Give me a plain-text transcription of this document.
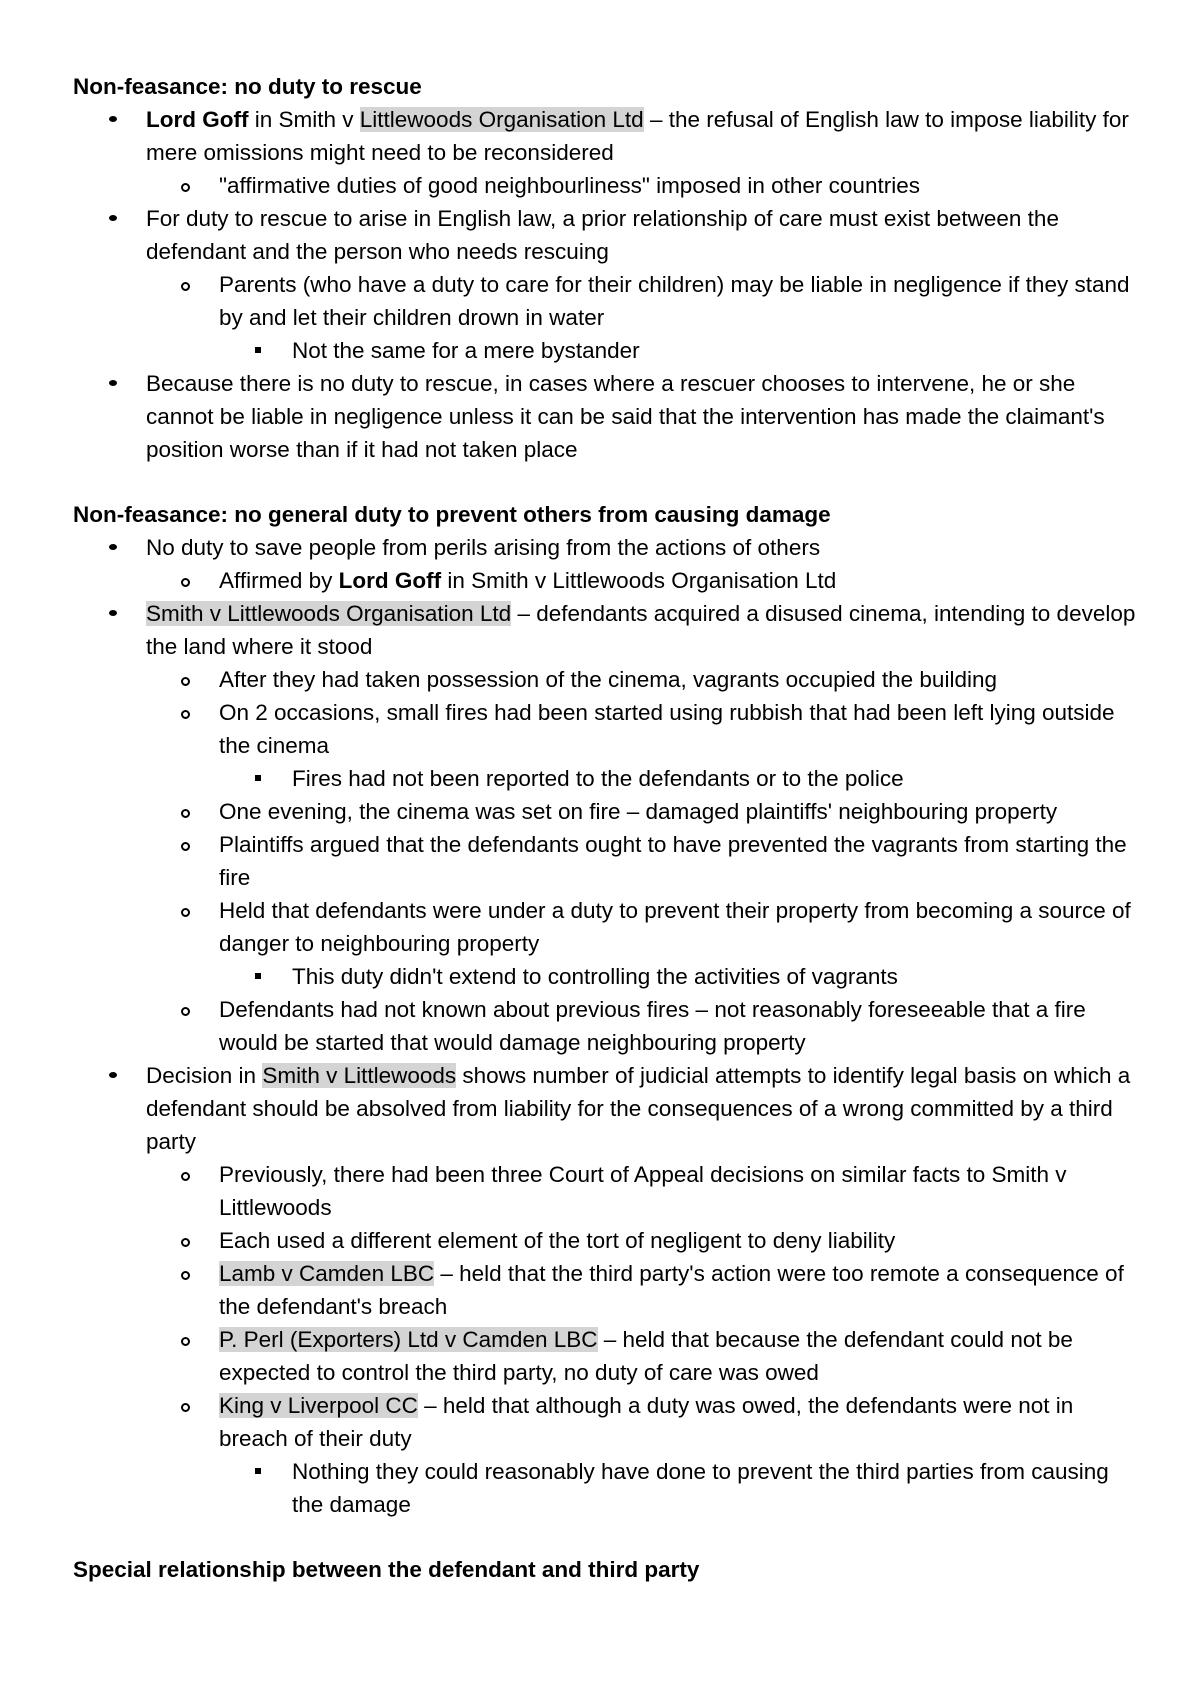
Non-feasance: no duty to rescue

Lord Goff in Smith v Littlewoods Organisation Ltd – the refusal of English law to impose liability for mere omissions might need to be reconsidered
"affirmative duties of good neighbourliness" imposed in other countries
For duty to rescue to arise in English law, a prior relationship of care must exist between the defendant and the person who needs rescuing
Parents (who have a duty to care for their children) may be liable in negligence if they stand by and let their children drown in water
Not the same for a mere bystander
Because there is no duty to rescue, in cases where a rescuer chooses to intervene, he or she cannot be liable in negligence unless it can be said that the intervention has made the claimant's position worse than if it had not taken place

Non-feasance: no general duty to prevent others from causing damage

No duty to save people from perils arising from the actions of others
Affirmed by Lord Goff in Smith v Littlewoods Organisation Ltd
Smith v Littlewoods Organisation Ltd – defendants acquired a disused cinema, intending to develop the land where it stood
After they had taken possession of the cinema, vagrants occupied the building
On 2 occasions, small fires had been started using rubbish that had been left lying outside the cinema
Fires had not been reported to the defendants or to the police
One evening, the cinema was set on fire – damaged plaintiffs' neighbouring property
Plaintiffs argued that the defendants ought to have prevented the vagrants from starting the fire
Held that defendants were under a duty to prevent their property from becoming a source of danger to neighbouring property
This duty didn't extend to controlling the activities of vagrants
Defendants had not known about previous fires – not reasonably foreseeable that a fire would be started that would damage neighbouring property
Decision in Smith v Littlewoods shows number of judicial attempts to identify legal basis on which a defendant should be absolved from liability for the consequences of a wrong committed by a third party
Previously, there had been three Court of Appeal decisions on similar facts to Smith v Littlewoods
Each used a different element of the tort of negligent to deny liability
Lamb v Camden LBC – held that the third party's action were too remote a consequence of the defendant's breach
P. Perl (Exporters) Ltd v Camden LBC – held that because the defendant could not be expected to control the third party, no duty of care was owed
King v Liverpool CC – held that although a duty was owed, the defendants were not in breach of their duty
Nothing they could reasonably have done to prevent the third parties from causing the damage

Special relationship between the defendant and third party
